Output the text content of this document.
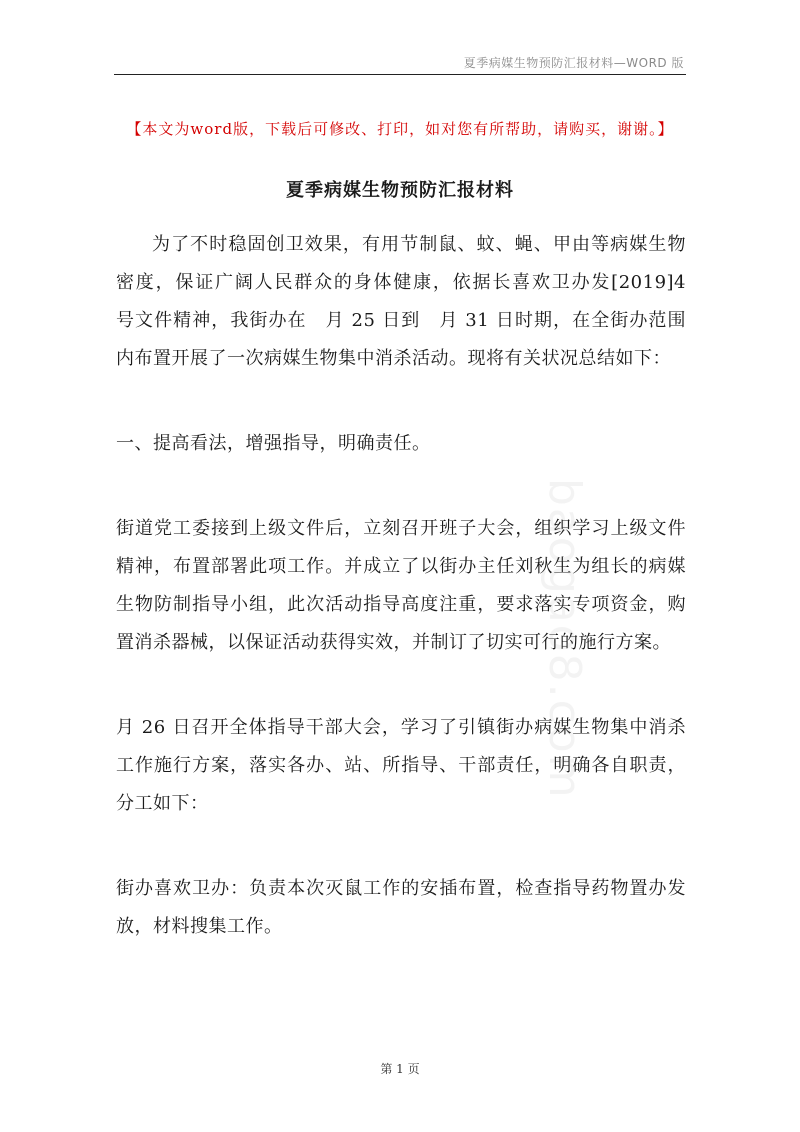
夏季病媒生物预防汇报材料—WORD 版
【本文为word版，下载后可修改、打印，如对您有所帮助，请购买，谢谢。】
夏季病媒生物预防汇报材料

为了不时稳固创卫效果，有用节制鼠、蚊、蝇、甲由等病媒生物密度，保证广阔人民群众的身体健康，依据长喜欢卫办发[2019]4　号文件精神，我街办在　月 25 日到　月 31 日时期，在全街办范围内布置开展了一次病媒生物集中消杀活动。现将有关状况总结如下：

一、提高看法，增强指导，明确责任。

街道党工委接到上级文件后，立刻召开班子大会，组织学习上级文件精神，布置部署此项工作。并成立了以街办主任刘秋生为组长的病媒生物防制指导小组，此次活动指导高度注重，要求落实专项资金，购置消杀器械，以保证活动获得实效，并制订了切实可行的施行方案。

月 26 日召开全体指导干部大会，学习了引镇街办病媒生物集中消杀工作施行方案，落实各办、站、所指导、干部责任，明确各自职责，分工如下：

街办喜欢卫办：负责本次灭鼠工作的安插布置，检查指导药物置办发放，材料搜集工作。

baogao8.com
第 1 页
